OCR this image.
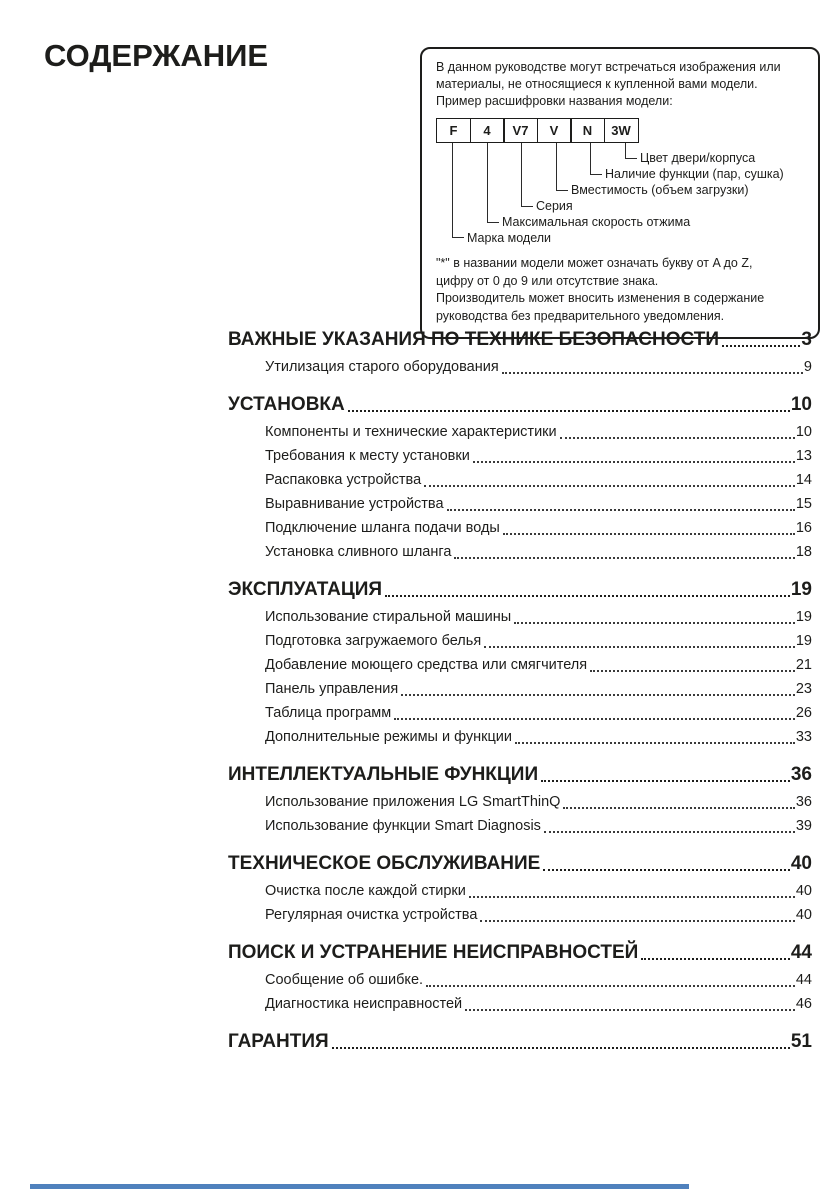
СОДЕРЖАНИЕ	В данном руководстве могут встречаться изображения или
материалы, не относящиеся к купленной вами модели.
Пример расшифровки названия модели:
F	4	V7	V	N	3W
Цвет двери/корпуса
Наличие функции (пар, сушка)
Вместимость (объем загрузки)
Серия
Максимальная скорость отжима
Марка модели
"*" в названии модели может означать букву от A до Z,
цифру от 0 до 9 или отсутствие знака.
Производитель может вносить изменения в содержание
руководства без предварительного уведомления.
ВАЖНЫЕ УКАЗАНИЯ ПО ТЕХНИКЕ БЕЗОПАСНОСТИ	3
Утилизация старого оборудования	9
УСТАНОВКА	10
Компоненты и технические характеристики	10
Требования к месту установки	13
Распаковка устройства	14
Выравнивание устройства	15
Подключение шланга подачи воды	16
Установка сливного шланга	18
ЭКСПЛУАТАЦИЯ	19
Использование стиральной машины	19
Подготовка загружаемого белья	19
Добавление моющего средства или смягчителя	21
Панель управления	23
Таблица программ	26
Дополнительные режимы и функции	33
ИНТЕЛЛЕКТУАЛЬНЫЕ ФУНКЦИИ	36
Использование приложения LG SmartThinQ	36
Использование функции Smart Diagnosis	39
ТЕХНИЧЕСКОЕ ОБСЛУЖИВАНИЕ	40
Очистка после каждой стирки	40
Регулярная очистка устройства	40
ПОИСК И УСТРАНЕНИЕ НЕИСПРАВНОСТЕЙ	44
Сообщение об ошибке.	44
Диагностика неисправностей	46
ГАРАНТИЯ	51
